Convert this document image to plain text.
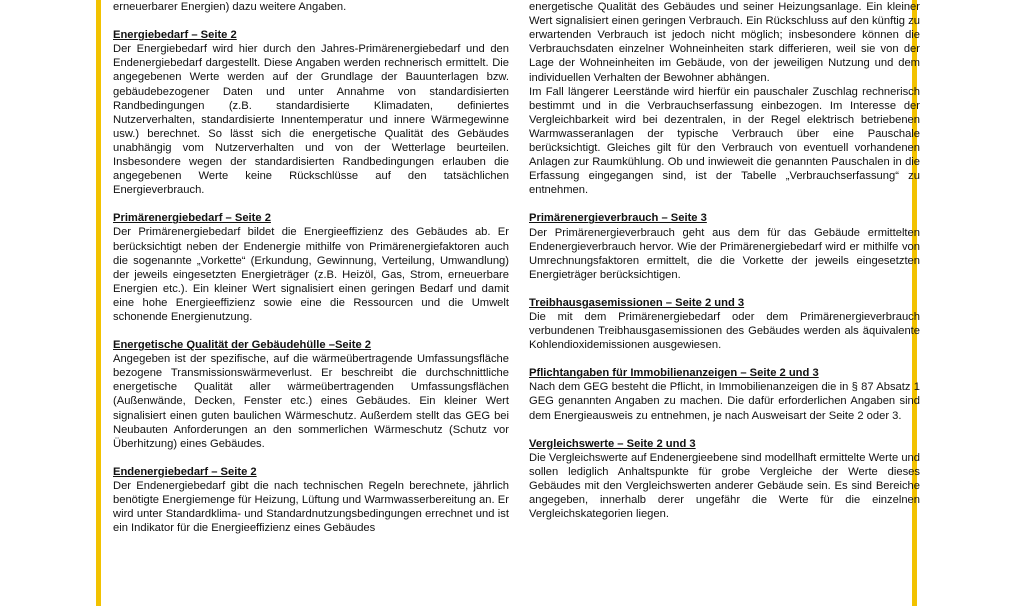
erneuerbarer Energien) dazu weitere Angaben.

Energiebedarf – Seite 2

Der Energiebedarf wird hier durch den Jahres-Primärenergiebedarf und den Endenergiebedarf dargestellt. Diese Angaben werden rechnerisch ermittelt. Die angegebenen Werte werden auf der Grundlage der Bauunterlagen bzw. gebäudebezogener Daten und unter Annahme von standardisierten Randbedingungen (z.B. standardisierte Klimadaten, definiertes Nutzerverhalten, standardisierte Innentemperatur und innere Wärmegewinne usw.) berechnet. So lässt sich die energetische Qualität des Gebäudes unabhängig vom Nutzerverhalten und von der Wetterlage beurteilen. Insbesondere wegen der standardisierten Randbedingungen erlauben die angegebenen Werte keine Rückschlüsse auf den tatsächlichen Energieverbrauch.

Primärenergiebedarf – Seite 2

Der Primärenergiebedarf bildet die Energieeffizienz des Gebäudes ab. Er berücksichtigt neben der Endenergie mithilfe von Primärenergiefaktoren auch die sogenannte „Vorkette“ (Erkundung, Gewinnung, Verteilung, Umwandlung) der jeweils eingesetzten Energieträger (z.B. Heizöl, Gas, Strom, erneuerbare Energien etc.). Ein kleiner Wert signalisiert einen geringen Bedarf und damit eine hohe Energieeffizienz sowie eine die Ressourcen und die Umwelt schonende Energienutzung.

Energetische Qualität der Gebäudehülle –Seite 2

Angegeben ist der spezifische, auf die wärmeübertragende Umfassungsfläche bezogene Transmissionswärmeverlust. Er beschreibt die durchschnittliche energetische Qualität aller wärmeübertragenden Umfassungsflächen (Außenwände, Decken, Fenster etc.) eines Gebäudes. Ein kleiner Wert signalisiert einen guten baulichen Wärmeschutz. Außerdem stellt das GEG bei Neubauten Anforderungen an den sommerlichen Wärmeschutz (Schutz vor Überhitzung) eines Gebäudes.

Endenergiebedarf – Seite 2

Der Endenergiebedarf gibt die nach technischen Regeln berechnete, jährlich benötigte Energiemenge für Heizung, Lüftung und Warmwasserbereitung an. Er wird unter Standardklima- und Standardnutzungsbedingungen errechnet und ist ein Indikator für die Energieeffizienz eines Gebäudes

energetische Qualität des Gebäudes und seiner Heizungsanlage. Ein kleiner Wert signalisiert einen geringen Verbrauch. Ein Rückschluss auf den künftig zu erwartenden Verbrauch ist jedoch nicht möglich; insbesondere können die Verbrauchsdaten einzelner Wohneinheiten stark differieren, weil sie von der Lage der Wohneinheiten im Gebäude, von der jeweiligen Nutzung und dem individuellen Verhalten der Bewohner abhängen.

Im Fall längerer Leerstände wird hierfür ein pauschaler Zuschlag rechnerisch bestimmt und in die Verbrauchserfassung einbezogen. Im Interesse der Vergleichbarkeit wird bei dezentralen, in der Regel elektrisch betriebenen Warmwasseranlagen der typische Verbrauch über eine Pauschale berücksichtigt. Gleiches gilt für den Verbrauch von eventuell vorhandenen Anlagen zur Raumkühlung. Ob und inwieweit die genannten Pauschalen in die Erfassung eingegangen sind, ist der Tabelle „Verbrauchserfassung“ zu entnehmen.

Primärenergieverbrauch – Seite 3

Der Primärenergieverbrauch geht aus dem für das Gebäude ermittelten Endenergieverbrauch hervor. Wie der Primärenergiebedarf wird er mithilfe von Umrechnungsfaktoren ermittelt, die die Vorkette der jeweils eingesetzten Energieträger berücksichtigen.

Treibhausgasemissionen – Seite 2 und 3

Die mit dem Primärenergiebedarf oder dem Primärenergieverbrauch verbundenen Treibhausgasemissionen des Gebäudes werden als äquivalente Kohlendioxidemissionen ausgewiesen.

Pflichtangaben für Immobilienanzeigen – Seite 2 und 3

Nach dem GEG besteht die Pflicht, in Immobilienanzeigen die in § 87 Absatz 1 GEG genannten Angaben zu machen. Die dafür erforderlichen Angaben sind dem Energieausweis zu entnehmen, je nach Ausweisart der Seite 2 oder 3.

Vergleichswerte – Seite 2 und 3

Die Vergleichswerte auf Endenergieebene sind modellhaft ermittelte Werte und sollen lediglich Anhaltspunkte für grobe Vergleiche der Werte dieses Gebäudes mit den Vergleichswerten anderer Gebäude sein. Es sind Bereiche angegeben, innerhalb derer ungefähr die Werte für die einzelnen Vergleichskategorien liegen.
